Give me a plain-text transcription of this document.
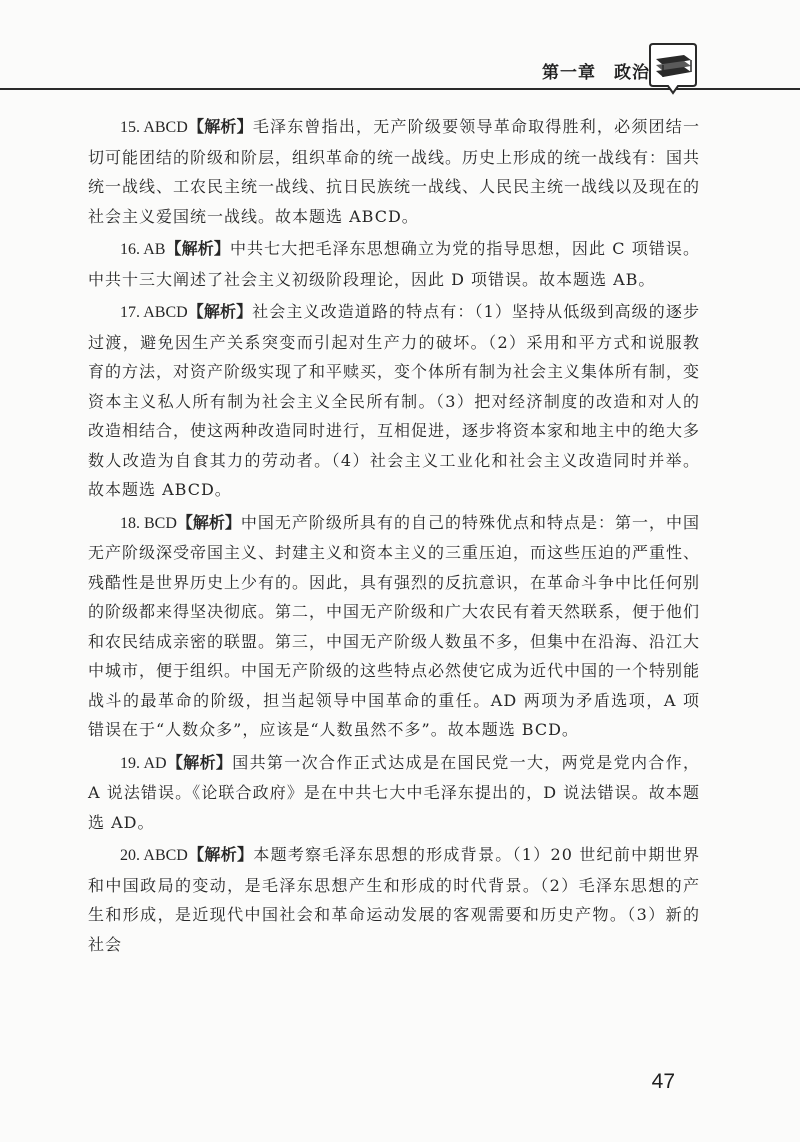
第一章　政治

15. ABCD【解析】毛泽东曾指出，无产阶级要领导革命取得胜利，必须团结一切可能团结的阶级和阶层，组织革命的统一战线。历史上形成的统一战线有：国共统一战线、工农民主统一战线、抗日民族统一战线、人民民主统一战线以及现在的社会主义爱国统一战线。故本题选 ABCD。

16. AB【解析】中共七大把毛泽东思想确立为党的指导思想，因此 C 项错误。中共十三大阐述了社会主义初级阶段理论，因此 D 项错误。故本题选 AB。

17. ABCD【解析】社会主义改造道路的特点有：（1）坚持从低级到高级的逐步过渡，避免因生产关系突变而引起对生产力的破坏。（2）采用和平方式和说服教育的方法，对资产阶级实现了和平赎买，变个体所有制为社会主义集体所有制，变资本主义私人所有制为社会主义全民所有制。（3）把对经济制度的改造和对人的改造相结合，使这两种改造同时进行，互相促进，逐步将资本家和地主中的绝大多数人改造为自食其力的劳动者。（4）社会主义工业化和社会主义改造同时并举。故本题选 ABCD。

18. BCD【解析】中国无产阶级所具有的自己的特殊优点和特点是：第一，中国无产阶级深受帝国主义、封建主义和资本主义的三重压迫，而这些压迫的严重性、残酷性是世界历史上少有的。因此，具有强烈的反抗意识，在革命斗争中比任何别的阶级都来得坚决彻底。第二，中国无产阶级和广大农民有着天然联系，便于他们和农民结成亲密的联盟。第三，中国无产阶级人数虽不多，但集中在沿海、沿江大中城市，便于组织。中国无产阶级的这些特点必然使它成为近代中国的一个特别能战斗的最革命的阶级，担当起领导中国革命的重任。AD 两项为矛盾选项，A 项错误在于“人数众多”，应该是“人数虽然不多”。故本题选 BCD。

19. AD【解析】国共第一次合作正式达成是在国民党一大，两党是党内合作，A 说法错误。《论联合政府》是在中共七大中毛泽东提出的，D 说法错误。故本题选 AD。

20. ABCD【解析】本题考察毛泽东思想的形成背景。（1）20 世纪前中期世界和中国政局的变动，是毛泽东思想产生和形成的时代背景。（2）毛泽东思想的产生和形成，是近现代中国社会和革命运动发展的客观需要和历史产物。（3）新的社会

47
